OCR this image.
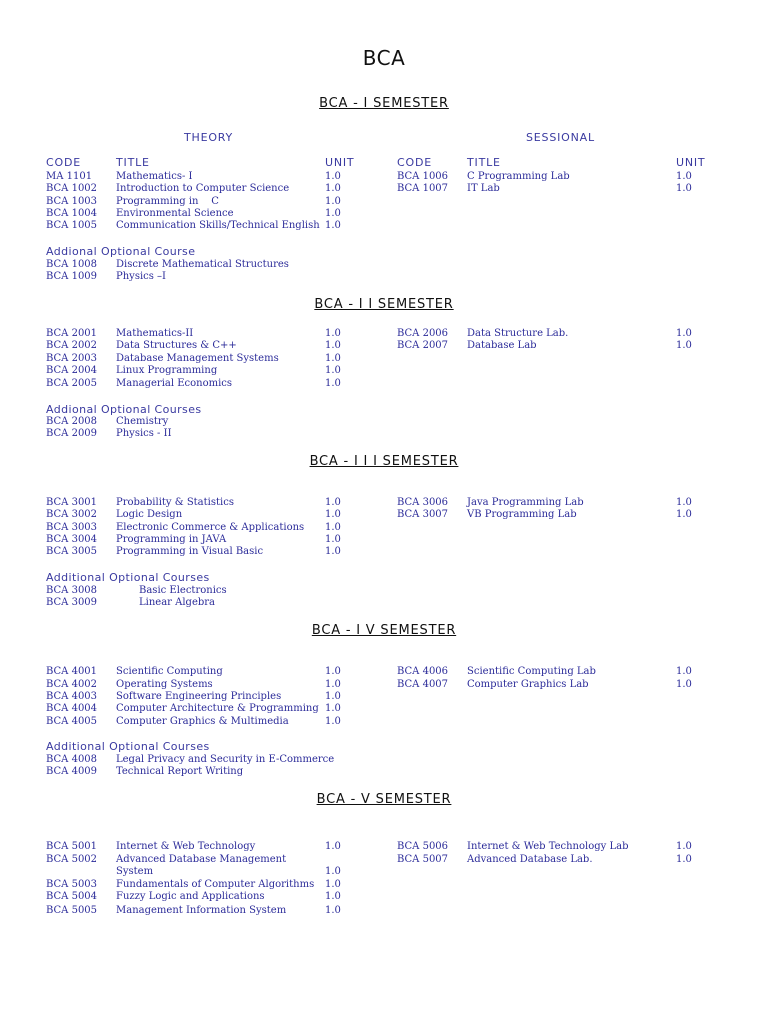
BCA
BCA - I SEMESTER
THEORY	SESSIONAL
CODE	TITLE	UNIT	CODE	TITLE	UNIT
MA 1101 Mathematics- I	1.0
BCA 1002 Introduction to Computer Science	1.0
BCA 1003 Programming in    C	1.0
BCA 1004 Environmental Science	1.0
BCA 1005 Communication Skills/Technical English 1.0
BCA 1006 C Programming Lab	1.0
BCA 1007 IT Lab	1.0
Addional Optional Course
BCA 1008 Discrete Mathematical Structures
BCA 1009 Physics –I
BCA - I I SEMESTER
BCA 2001 Mathematics-II	1.0
BCA 2002 Data Structures & C++	1.0
BCA 2003 Database Management Systems	1.0
BCA 2004 Linux Programming	1.0
BCA 2005 Managerial Economics	1.0
BCA 2006 Data Structure Lab.	1.0
BCA 2007 Database Lab	1.0
Addional Optional Courses
BCA 2008 Chemistry
BCA 2009 Physics - II
BCA - I I I SEMESTER
BCA 3001 Probability & Statistics	1.0
BCA 3002 Logic Design	1.0
BCA 3003 Electronic Commerce & Applications 1.0
BCA 3004 Programming in JAVA	1.0
BCA 3005 Programming in Visual Basic	1.0
BCA 3006 Java Programming Lab	1.0
BCA 3007 VB Programming Lab	1.0
Additional Optional Courses
BCA 3008	Basic Electronics
BCA 3009	Linear Algebra
BCA - I V SEMESTER
BCA 4001 Scientific Computing	1.0
BCA 4002 Operating Systems	1.0
BCA 4003 Software Engineering Principles	1.0
BCA 4004 Computer Architecture & Programming 1.0
BCA 4005 Computer Graphics & Multimedia	1.0
BCA 4006 Scientific Computing Lab	1.0
BCA 4007 Computer Graphics Lab	1.0
Additional Optional Courses
BCA 4008 Legal Privacy and Security in E-Commerce
BCA 4009 Technical Report Writing
BCA - V SEMESTER
BCA 5001 Internet & Web Technology	1.0
BCA 5002 Advanced Database Management
System	1.0
BCA 5003 Fundamentals of Computer Algorithms 1.0
BCA 5004 Fuzzy Logic and Applications	1.0
BCA 5005 Management Information System	1.0
BCA 5006 Internet & Web Technology Lab	1.0
BCA 5007 Advanced Database Lab.	1.0
